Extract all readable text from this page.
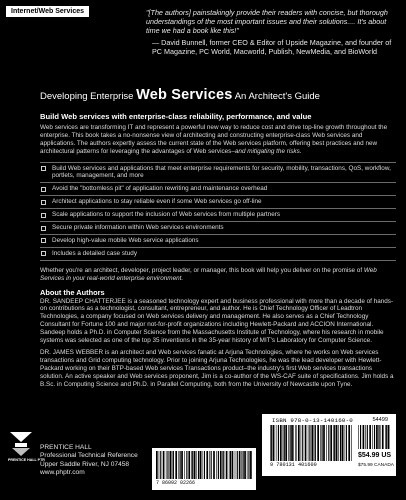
Internet/Web Services	"[The authors] painstakingly provide their readers with concise, but thorough understandings of the most important issues and their solutions.... It's about time we had a book like this!"
— David Bunnell, former CEO & Editor of Upside Magazine, and founder of PC Magazine, PC World, Macworld, Publish, NewMedia, and BioWorld
Developing Enterprise Web Services An Architect's Guide
Build Web services with enterprise-class reliability, performance, and value

Web services are transforming IT and represent a powerful new way to reduce cost and drive top-line growth throughout the enterprise. This book takes a no-nonsense view of architecting and constructing enterprise-class Web services and applications. The authors expertly assess the current state of the Web services platform, offering best practices and new architectural patterns for leveraging the advantages of Web services–and mitigating the risks.

Build Web services and applications that meet enterprise requirements for security, mobility, transactions, QoS, workflow, portlets, management, and more
Avoid the "bottomless pit" of application rewriting and maintenance overhead
Architect applications to stay reliable even if some Web services go off-line
Scale applications to support the inclusion of Web services from multiple partners
Secure private information within Web services environments
Develop high-value mobile Web service applications
Includes a detailed case study

Whether you're an architect, developer, project leader, or manager, this book will help you deliver on the promise of Web Services in your real-world enterprise environment.

About the Authors

DR. SANDEEP CHATTERJEE is a seasoned technology expert and business professional with more than a decade of hands-on contributions as a technologist, consultant, entrepreneur, and author. He is Chief Technology Officer of Leadtron Technologies, a company focused on Web services delivery and management. He also serves as a Chief Technology Consultant for Fortune 100 and major not-for-profit organizations including Hewlett-Packard and ACCION International. Sandeep holds a Ph.D. in Computer Science from the Massachusetts Institute of Technology, where his research in mobile systems was selected as one of the top 35 inventions in the 35-year history of MIT's Laboratory for Computer Science.

DR. JAMES WEBBER is an architect and Web services fanatic at Arjuna Technologies, where he works on Web services transactions and Grid computing technology. Prior to joining Arjuna Technologies, he was the lead developer with Hewlett-Packard working on their BTP-based Web services Transactions product–the industry's first Web services transactions solution. An active speaker and Web services proponent, Jim is a co-author of the WS-CAF suite of specifications. Jim holds a B.Sc. in Computing Science and Ph.D. in Parallel Computing, both from the University of Newcastle upon Tyne.

PRENTICE HALL PTR
PRENTICE HALL
Professional Technical Reference
Upper Saddle River, NJ 07458
www.phptr.com
7 86092 02266
ISBN 978-0-13-140160-0	54499
9 780131 401600
$54.99 US
$75.99 CANADA
